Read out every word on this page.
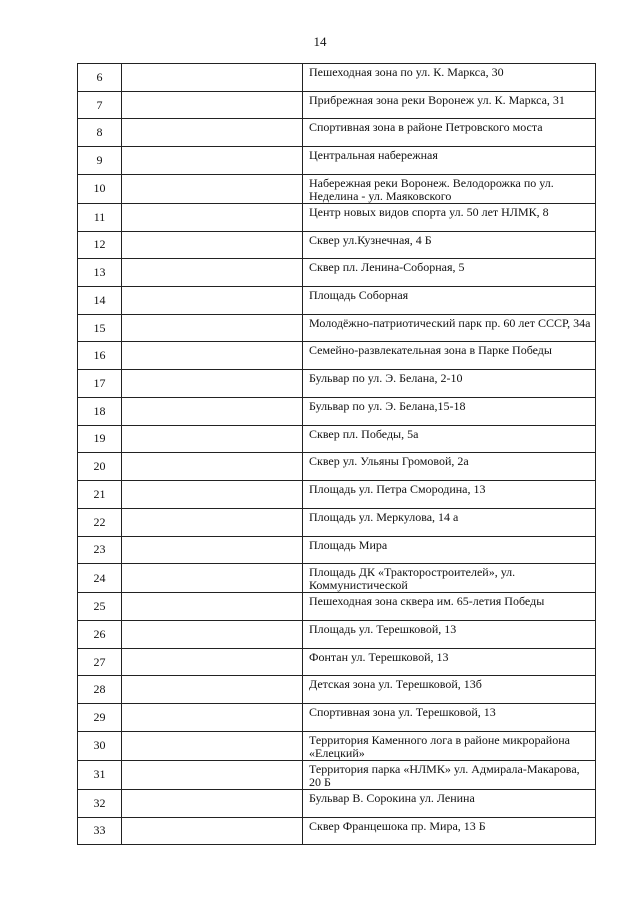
14
6		Пешеходная зона по ул. К. Маркса, 30
7		Прибрежная зона реки Воронеж ул. К. Маркса, 31
8		Спортивная зона в районе Петровского моста
9		Центральная набережная
10		Набережная реки Воронеж. Велодорожка по ул. Неделина - ул. Маяковского
11		Центр новых видов спорта ул. 50 лет НЛМК, 8
12		Сквер ул.Кузнечная, 4 Б
13		Сквер пл. Ленина-Соборная, 5
14		Площадь Соборная
15		Молодёжно-патриотический парк пр. 60 лет СССР, 34а
16		Семейно-развлекательная зона в Парке Победы
17		Бульвар по ул. Э. Белана, 2-10
18		Бульвар по ул. Э. Белана,15-18
19		Сквер пл. Победы, 5а
20		Сквер ул. Ульяны Громовой, 2а
21		Площадь ул. Петра Смородина, 13
22		Площадь ул. Меркулова, 14 а
23		Площадь Мира
24		Площадь ДК «Тракторостроителей», ул. Коммунистической
25		Пешеходная зона сквера им. 65-летия Победы
26		Площадь ул. Терешковой, 13
27		Фонтан ул. Терешковой, 13
28		Детская зона ул. Терешковой, 13б
29		Спортивная зона ул. Терешковой, 13
30		Территория Каменного лога в районе микрорайона «Елецкий»
31		Территория парка «НЛМК» ул. Адмирала-Макарова, 20 Б
32		Бульвар В. Сорокина ул. Ленина
33		Сквер Францешока пр. Мира, 13 Б
